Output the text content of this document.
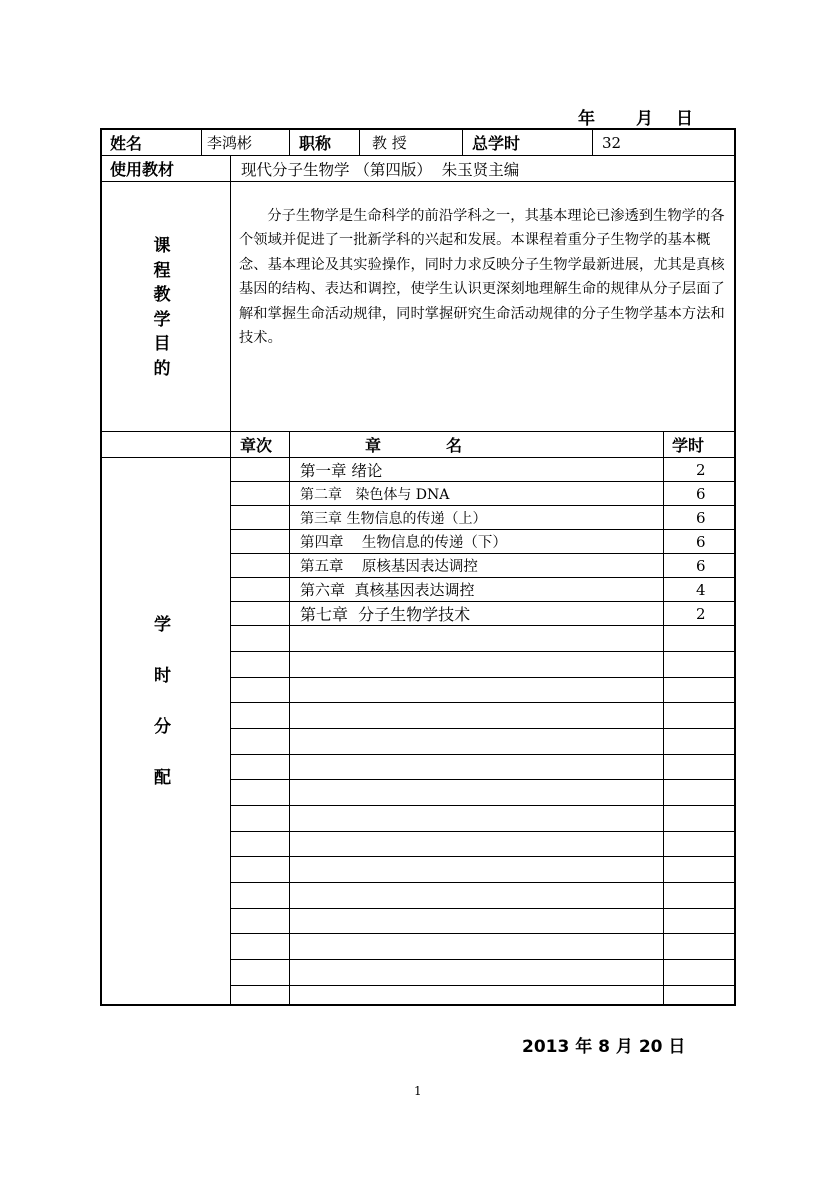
年 月 日
姓名	李鸿彬	职称	教 授	总学时	32
使用教材	现代分子生物学 （第四版）  朱玉贤主编
课
程
教
学
目
的
分子生物学是生命科学的前沿学科之一，其基本理论已渗透到生物学的各个领域并促进了一批新学科的兴起和发展。本课程着重分子生物学的基本概念、基本理论及其实验操作，同时力求反映分子生物学最新进展，尤其是真核基因的结构、表达和调控，使学生认识更深刻地理解生命的规律从分子层面了解和掌握生命活动规律，同时掌握研究生命活动规律的分子生物学基本方法和技术。
章次	章	名	学时
学
时
分
配
第一章 绪论	2
第二章   染色体与 DNA	6
第三章 生物信息的传递（上）	6
第四章    生物信息的传递（下）	6
第五章    原核基因表达调控	6
第六章  真核基因表达调控	4
第七章  分子生物学技术	2
2013 年 8 月 20 日
1
